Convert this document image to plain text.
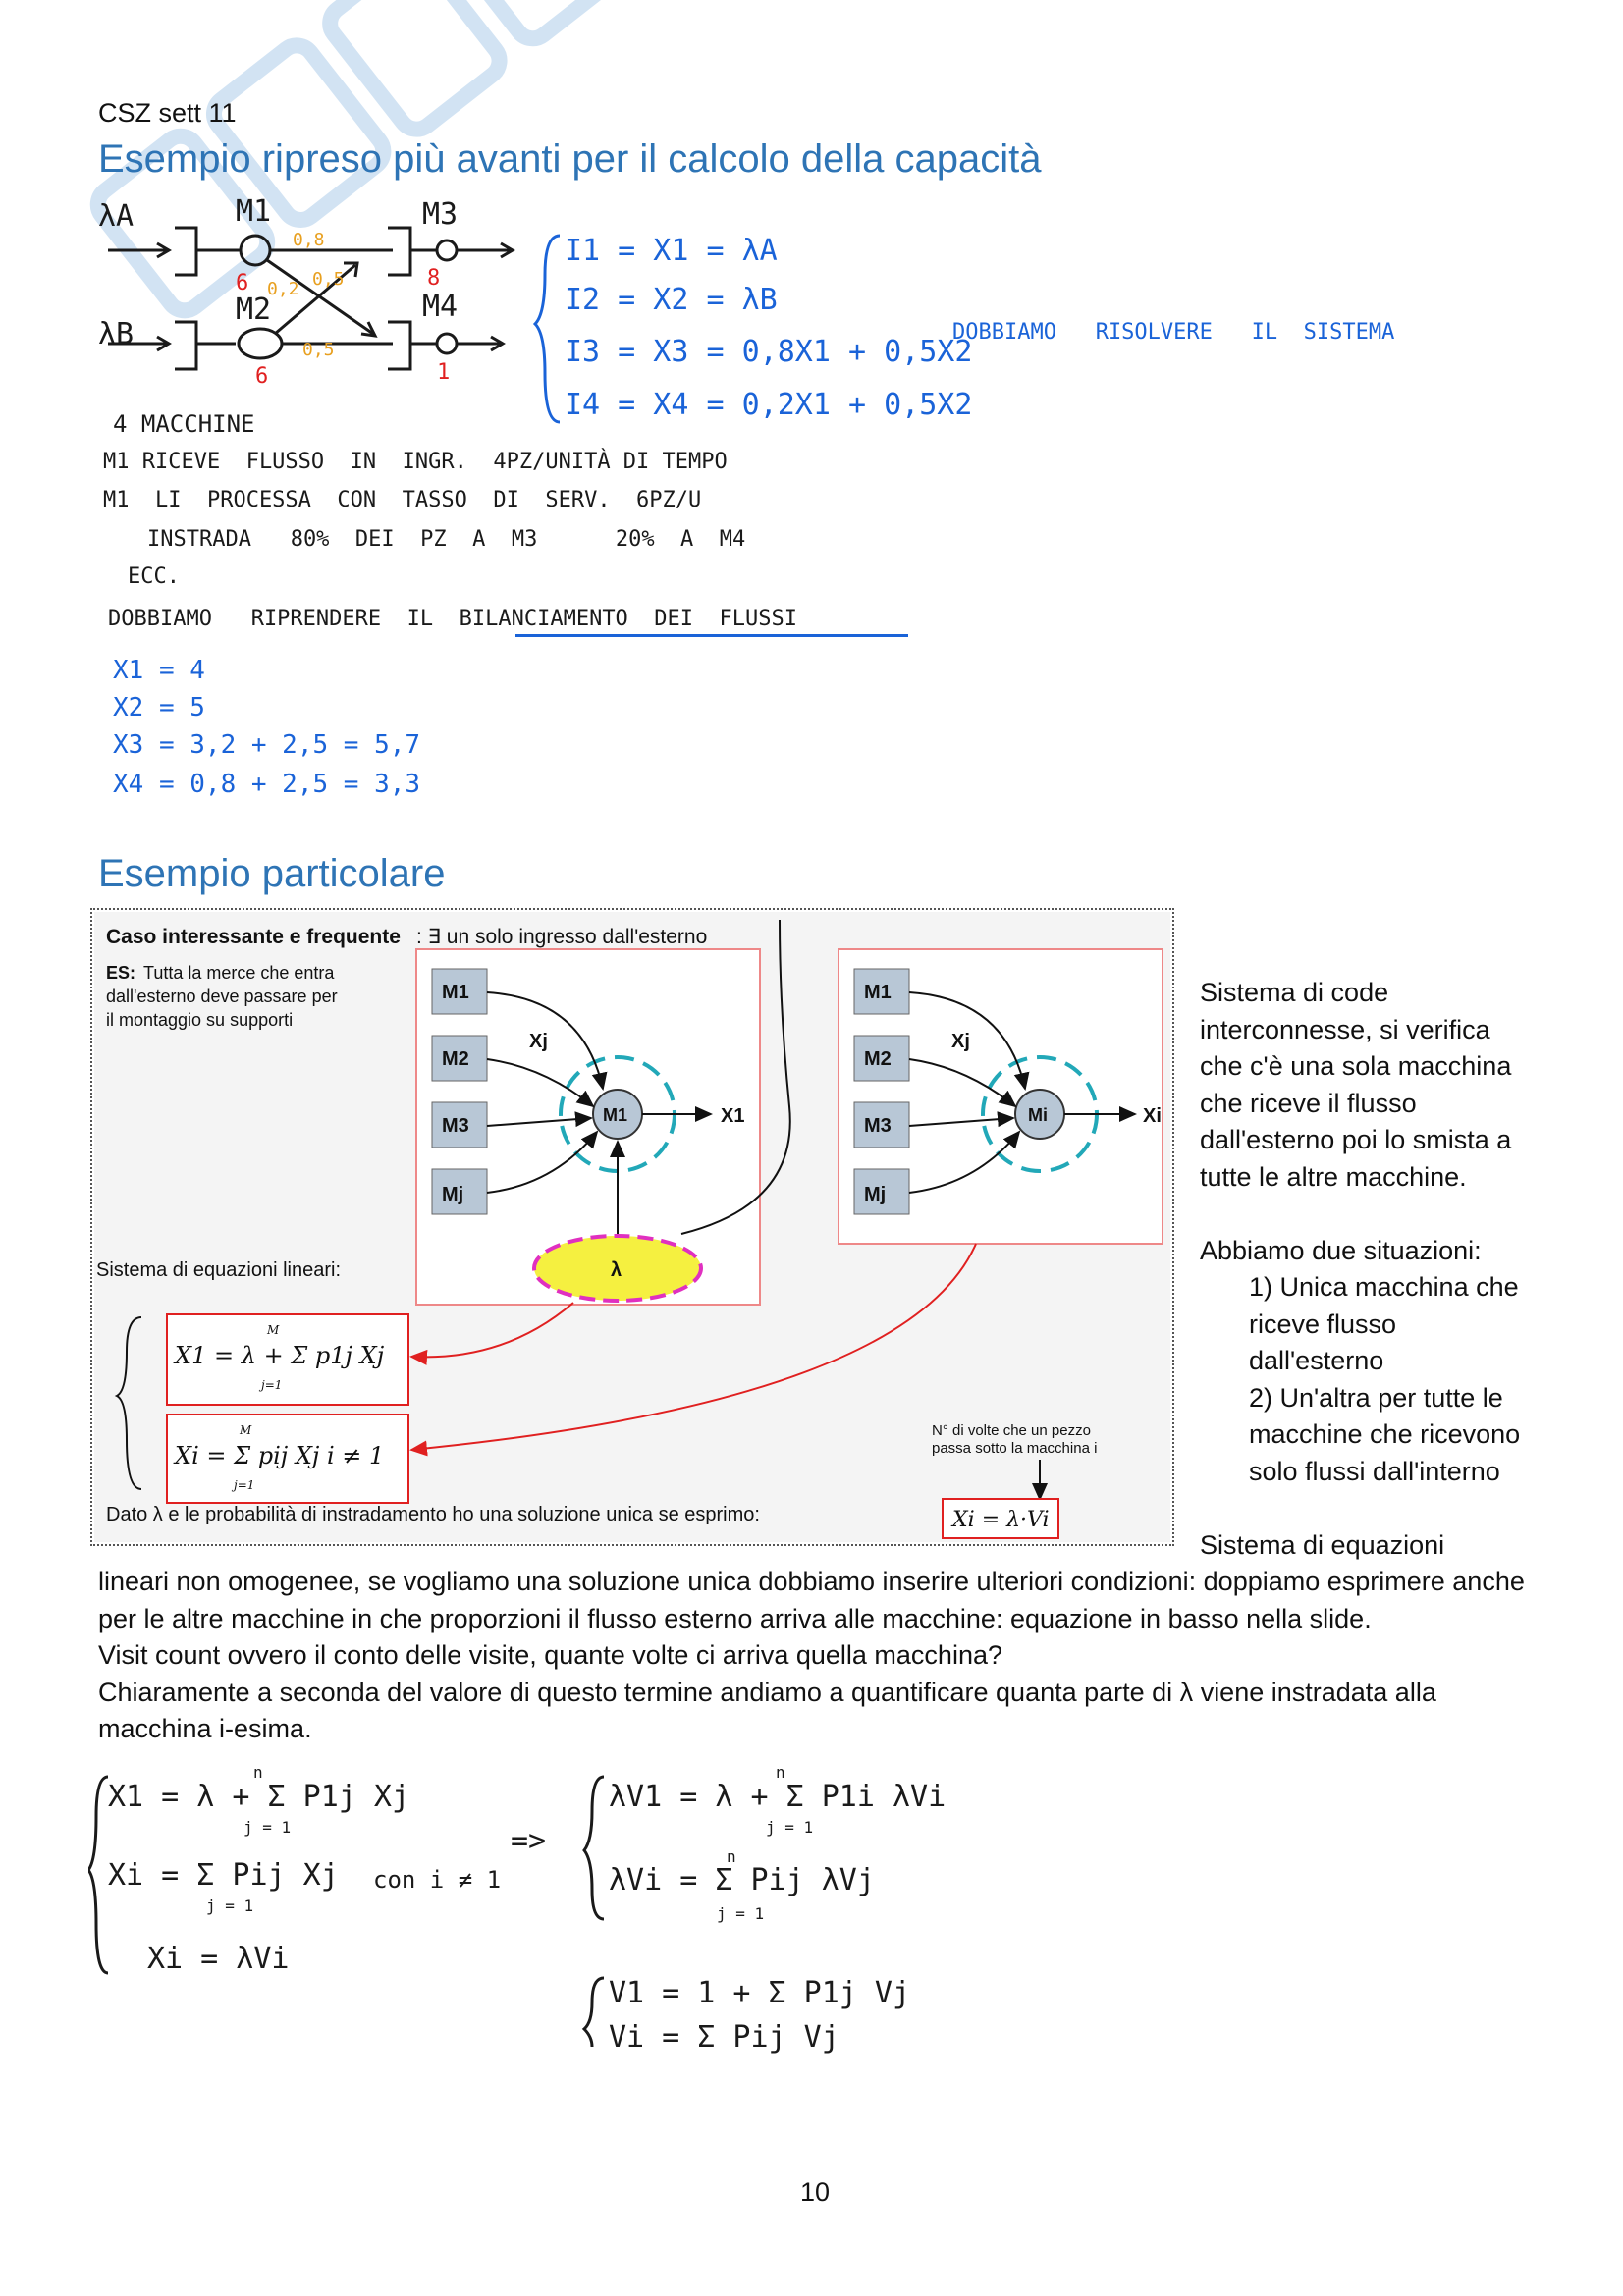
CSZ sett 11
Esempio ripreso più avanti per il calcolo della capacità
λA
λB
M1
M2
M3
M4
6
6
8
1
0,8
0,2 0,5
0,5
I1 = X1 = λA
I2 = X2 = λB
I3 = X3 = 0,8X1 + 0,5X2
I4 = X4 = 0,2X1 + 0,5X2
DOBBIAMO   RISOLVERE   IL  SISTEMA
4 MACCHINE
M1 RICEVE  FLUSSO  IN  INGR.  4PZ/UNITÀ DI TEMPO
M1  LI  PROCESSA  CON  TASSO  DI  SERV.  6PZ/U
INSTRADA   80%  DEI  PZ  A  M3      20%  A  M4
ECC.
DOBBIAMO   RIPRENDERE  IL  BILANCIAMENTO  DEI  FLUSSI
X1 = 4
X2 = 5
X3 = 3,2 + 2,5 = 5,7
X4 = 0,8 + 2,5 = 3,3
Esempio particolare
Caso interessante e frequente : ∃ un solo ingresso dall'esterno
ES: Tutta la merce che entra
dall'esterno deve passare per
il montaggio su supporti
Sistema di equazioni lineari:
M1
M2
M3
Mj
M1
Xj
X1
λ
M1
M2
M3
Mj
Mi
Xj
Xi
X1 = λ + Σ p1j Xj
Xi = Σ pij Xj i ≠ 1
M
j=1
M
j=1
N° di volte che un pezzo
passa sotto la macchina i
Dato λ e le probabilità di instradamento ho una soluzione unica se esprimo:	Xi = λ·Vi

Sistema di code interconnesse, si verifica che c'è una sola macchina che riceve il flusso dall'esterno poi lo smista a tutte le altre macchine.

Abbiamo due situazioni:

1) Unica macchina che riceve flusso dall'esterno

2) Un'altra per tutte le macchine che ricevono solo flussi dall'interno

Sistema di equazioni

lineari non omogenee, se vogliamo una soluzione unica dobbiamo inserire ulteriori condizioni: doppiamo esprimere anche per le altre macchine in che proporzioni il flusso esterno arriva alle macchine: equazione in basso nella slide.

Visit count ovvero il conto delle visite, quante volte ci arriva quella macchina?

Chiaramente a seconda del valore di questo termine andiamo a quantificare quanta parte di λ viene instradata alla macchina i-esima.

X1 = λ + Σ P1j Xj
Xi = Σ Pij Xj con i ≠ 1
=>
λV1 = λ + Σ P1i λVi
λVi = Σ Pij λVj
Xi = λVi
V1 = 1 + Σ P1j Vj
Vi = Σ Pij Vj
n
j = 1
j = 1
n
j = 1
n
j = 1
10
